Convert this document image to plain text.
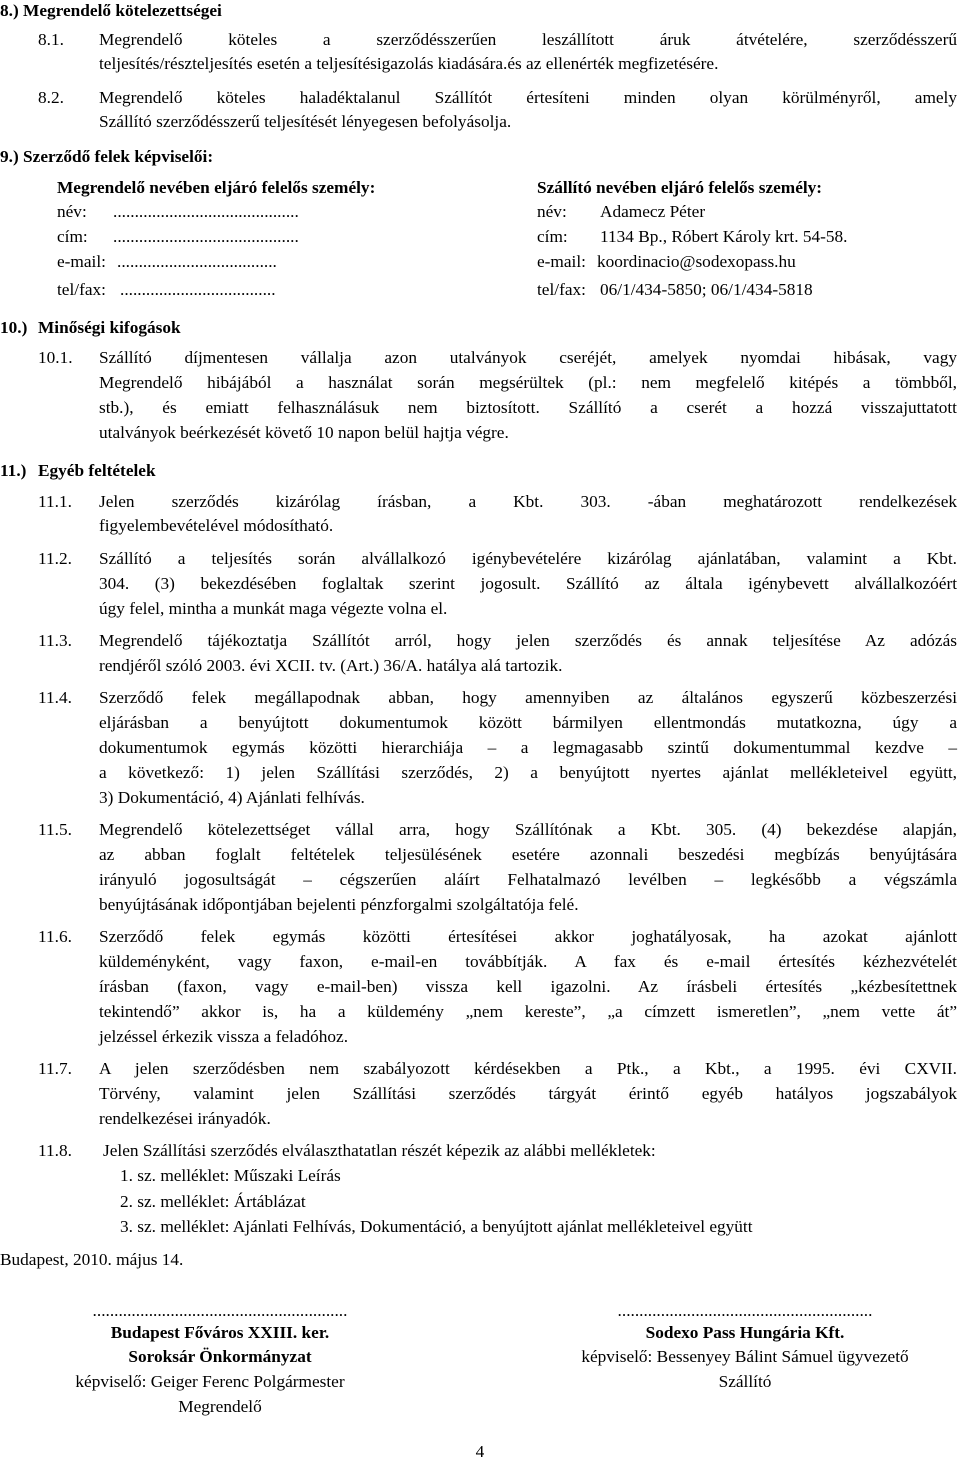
8.) Megrendelő kötelezettségei
8.1. Megrendelő köteles a szerződésszerűen leszállított áruk átvételére, szerződésszerű
teljesítés/részteljesítés esetén a teljesítésigazolás kiadására.és az ellenérték megfizetésére.
8.2. Megrendelő köteles haladéktalanul Szállítót értesíteni minden olyan körülményről, amely
Szállító szerződésszerű teljesítését lényegesen befolyásolja.
9.) Szerződő felek képviselői:
Megrendelő nevében eljáró felelős személy:
név: ...........................................
cím: ...........................................
e-mail: .....................................
tel/fax: ....................................
Szállító nevében eljáró felelős személy:
név: Adamecz Péter
cím: 1134 Bp., Róbert Károly krt. 54-58.
e-mail: koordinacio@sodexopass.hu
tel/fax: 06/1/434-5850; 06/1/434-5818
10.) Minőségi kifogások
10.1. Szállító díjmentesen vállalja azon utalványok cseréjét, amelyek nyomdai hibásak, vagy
Megrendelő hibájából a használat során megsérültek (pl.: nem megfelelő kitépés a tömbből,
stb.), és emiatt felhasználásuk nem biztosított. Szállító a cserét a hozzá visszajuttatott
utalványok beérkezését követő 10 napon belül hajtja végre.
11.) Egyéb feltételek
11.1. Jelen szerződés kizárólag írásban, a Kbt. 303. -ában meghatározott rendelkezések
figyelembevételével módosítható.
11.2. Szállító a teljesítés során alvállalkozó igénybevételére kizárólag ajánlatában, valamint a Kbt.
304. (3) bekezdésében foglaltak szerint jogosult. Szállító az általa igénybevett alvállalkozóért
úgy felel, mintha a munkát maga végezte volna el.
11.3. Megrendelő tájékoztatja Szállítót arról, hogy jelen szerződés és annak teljesítése Az adózás
rendjéről szóló 2003. évi XCII. tv. (Art.) 36/A. hatálya alá tartozik.
11.4. Szerződő felek megállapodnak abban, hogy amennyiben az általános egyszerű közbeszerzési
eljárásban a benyújtott dokumentumok között bármilyen ellentmondás mutatkozna, úgy a
dokumentumok egymás közötti hierarchiája – a legmagasabb szintű dokumentummal kezdve –
a következő: 1) jelen Szállítási szerződés, 2) a benyújtott nyertes ajánlat mellékleteivel együtt,
3) Dokumentáció, 4) Ajánlati felhívás.
11.5. Megrendelő kötelezettséget vállal arra, hogy Szállítónak a Kbt. 305. (4) bekezdése alapján,
az abban foglalt feltételek teljesülésének esetére azonnali beszedési megbízás benyújtására
irányuló jogosultságát – cégszerűen aláírt Felhatalmazó levélben – legkésőbb a végszámla
benyújtásának időpontjában bejelenti pénzforgalmi szolgáltatója felé.
11.6. Szerződő felek egymás közötti értesítései akkor joghatályosak, ha azokat ajánlott
küldeményként, vagy faxon, e-mail-en továbbítják. A fax és e-mail értesítés kézhezvételét
írásban (faxon, vagy e-mail-ben) vissza kell igazolni. Az írásbeli értesítés „kézbesítettnek
tekintendő” akkor is, ha a küldemény „nem kereste”, „a címzett ismeretlen”, „nem vette át”
jelzéssel érkezik vissza a feladóhoz.
11.7. A jelen szerződésben nem szabályozott kérdésekben a Ptk., a Kbt., a 1995. évi CXVII.
Törvény, valamint jelen Szállítási szerződés tárgyát érintő egyéb hatályos jogszabályok
rendelkezései irányadók.
11.8. Jelen Szállítási szerződés elválaszthatatlan részét képezik az alábbi mellékletek:
1. sz. melléklet: Műszaki Leírás
2. sz. melléklet: Ártáblázat
3. sz. melléklet: Ajánlati Felhívás, Dokumentáció, a benyújtott ajánlat mellékleteivel együtt
Budapest, 2010. május 14.
...........................................................
Budapest Főváros XXIII. ker.
Soroksár Önkormányzat
képviselő: Geiger Ferenc Polgármester
Megrendelő
...........................................................
Sodexo Pass Hungária Kft.
képviselő: Bessenyey Bálint Sámuel ügyvezető
Szállító
4
